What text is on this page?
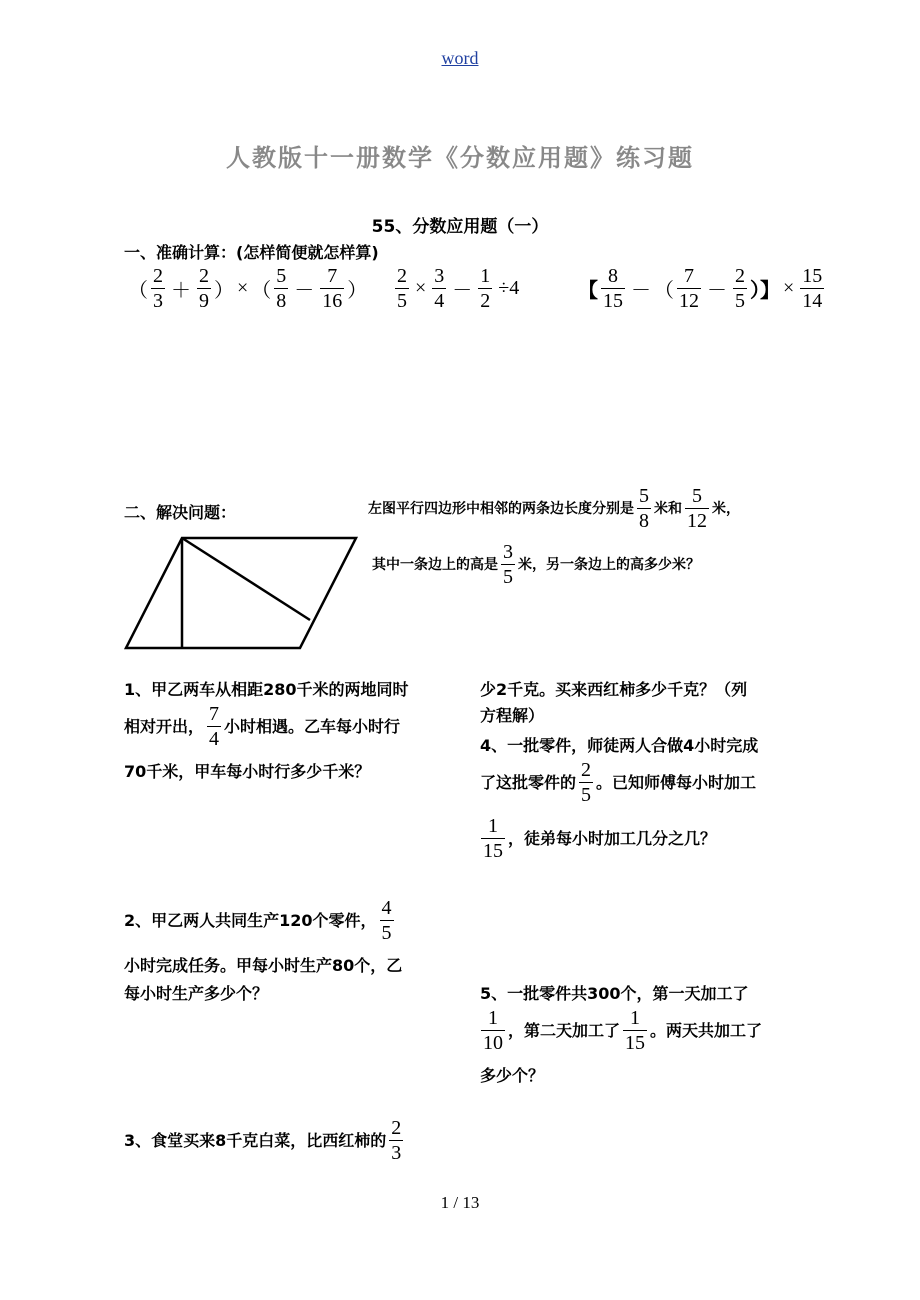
word
人教版十一册数学《分数应用题》练习题
55、分数应用题（一）
一、准确计算：(怎样简便就怎样算)
（ $\frac{2}{3} + \frac{2}{9}$ ） × （ $\frac{5}{8} - \frac{7}{16}$ ） $\frac{2}{5} \times \frac{3}{4} - \frac{1}{2} \div 4$	【 $\frac{8}{15}$ － （ $\frac{7}{12} - \frac{2}{5}$ ）】 × $\frac{15}{14}$
二、解决问题：	左图平行四边形中相邻的两条边长度分别是 $\frac{5}{8}$ 米和 $\frac{5}{12}$ 米，
其中一条边上的高是 $\frac{3}{5}$ 米，另一条边上的高多少米？
1、甲乙两车从相距280千米的两地同时
相对开出， $\frac{7}{4}$ 小时相遇。乙车每小时行
70千米，甲车每小时行多少千米？
2、甲乙两人共同生产120个零件， $\frac{4}{5}$
小时完成任务。甲每小时生产80个，乙
每小时生产多少个？
3、食堂买来8千克白菜，比西红柿的 $\frac{2}{3}$
少2千克。买来西红柿多少千克？（列
方程解）
4、一批零件，师徒两人合做4小时完成
了这批零件的 $\frac{2}{5}$ 。已知师傅每小时加工
$\frac{1}{15}$ ，徒弟每小时加工几分之几？
5、一批零件共300个，第一天加工了
$\frac{1}{10}$ ，第二天加工了 $\frac{1}{15}$ 。两天共加工了
多少个？
1 / 13
